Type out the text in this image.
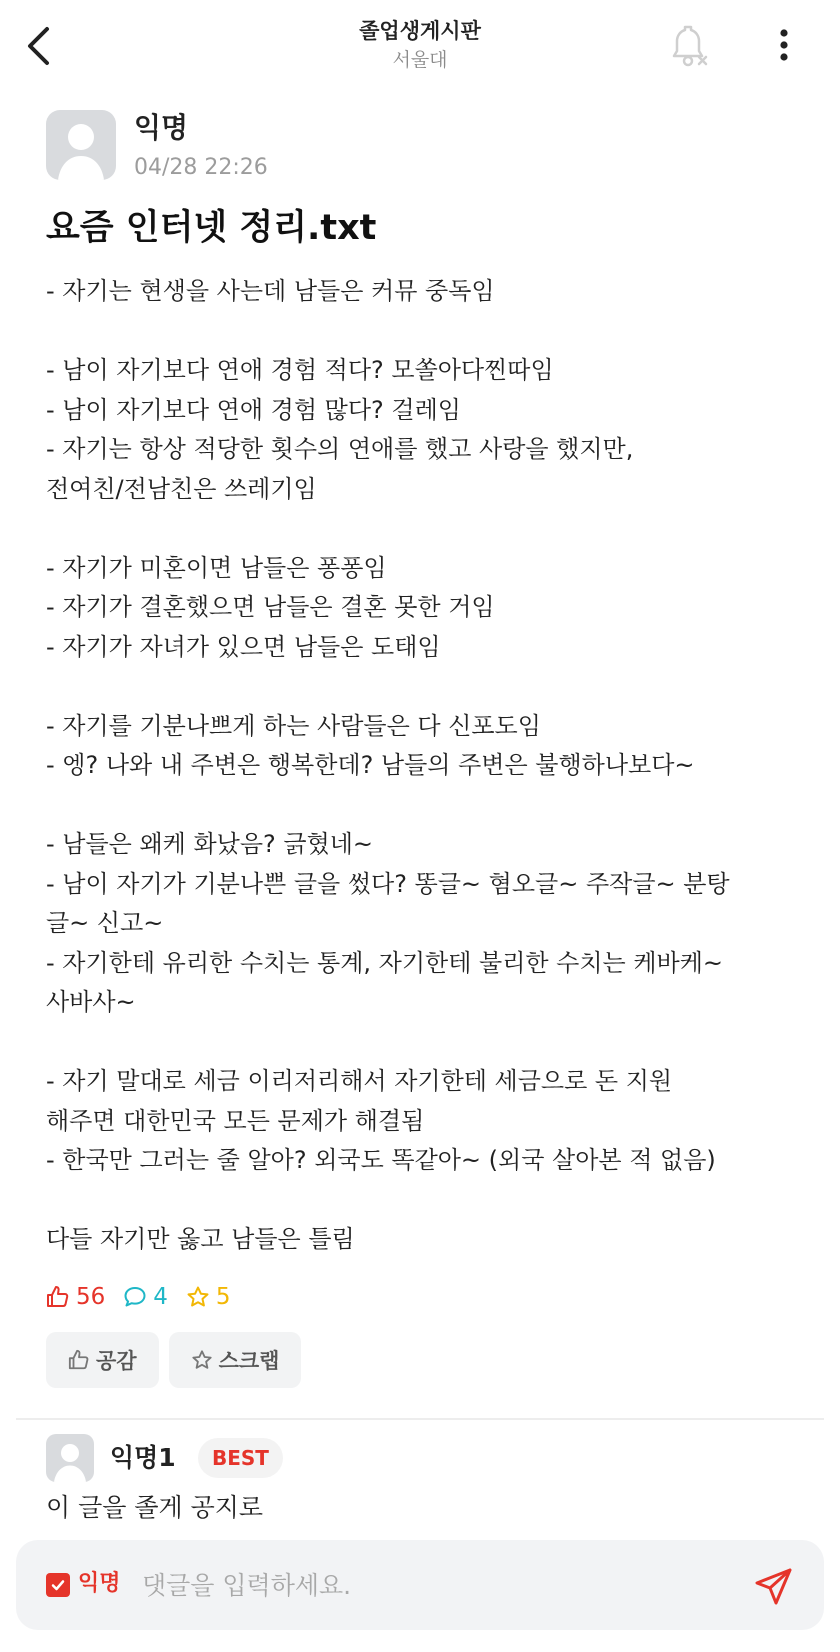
졸업생게시판
서울대
익명
04/28 22:26
요즘 인터넷 정리.txt
- 자기는 현생을 사는데 남들은 커뮤 중독임

- 남이 자기보다 연애 경험 적다? 모쏠아다찐따임
- 남이 자기보다 연애 경험 많다? 걸레임
- 자기는 항상 적당한 횟수의 연애를 했고 사랑을 했지만,
전여친/전남친은 쓰레기임

- 자기가 미혼이면 남들은 퐁퐁임
- 자기가 결혼했으면 남들은 결혼 못한 거임
- 자기가 자녀가 있으면 남들은 도태임

- 자기를 기분나쁘게 하는 사람들은 다 신포도임
- 엥? 나와 내 주변은 행복한데? 남들의 주변은 불행하나보다~

- 남들은 왜케 화났음? 긁혔네~
- 남이 자기가 기분나쁜 글을 썼다? 똥글~ 혐오글~ 주작글~ 분탕
글~ 신고~
- 자기한테 유리한 수치는 통계, 자기한테 불리한 수치는 케바케~
사바사~

- 자기 말대로 세금 이리저리해서 자기한테 세금으로 돈 지원
해주면 대한민국 모든 문제가 해결됨
- 한국만 그러는 줄 알아? 외국도 똑같아~ (외국 살아본 적 없음)

다들 자기만 옳고 남들은 틀림
56 4 5
공감	스크랩
익명1	BEST
이 글을 졸게 공지로
익명
댓글을 입력하세요.
